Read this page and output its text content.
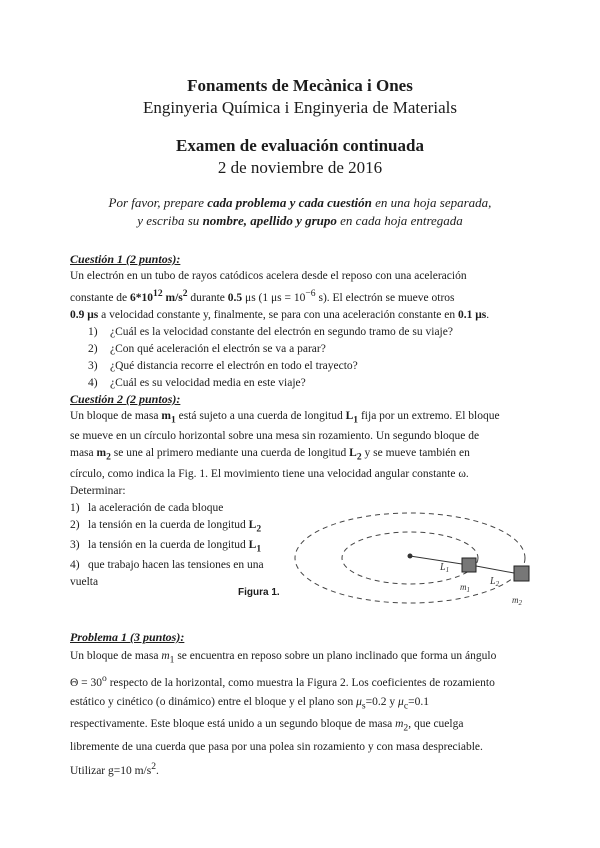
Fonaments de Mecànica i Ones
Enginyeria Química i Enginyeria de Materials
Examen de evaluación continuada
2 de noviembre de 2016
Por favor, prepare cada problema y cada cuestión en una hoja separada,
y escriba su nombre, apellido y grupo en cada hoja entregada
Cuestión 1 (2 puntos):
Un electrón en un tubo de rayos catódicos acelera desde el reposo con una aceleración
constante de $6*10^{12}$ $m/s^2$ durante 0.5 μs (1 $\mu s = 10^{-6}$ s). El electrón se mueve otros
0.9 μs a velocidad constante y, finalmente, se para con una aceleración constante en 0.1 μs.
1)	¿Cuál es la velocidad constante del electrón en segundo tramo de su viaje?
2)	¿Con qué aceleración el electrón se va a parar?
3)	¿Qué distancia recorre el electrón en todo el trayecto?
4)	¿Cuál es su velocidad media en este viaje?
Cuestión 2 (2 puntos):
Un bloque de masa $m_1$ está sujeto a una cuerda de longitud $L_1$ fija por un extremo. El bloque
se mueve en un círculo horizontal sobre una mesa sin rozamiento. Un segundo bloque de
masa $m_2$ se une al primero mediante una cuerda de longitud $L_2$ y se mueve también en
círculo, como indica la Fig. 1. El movimiento tiene una velocidad angular constante ω.
Determinar:
1) la aceleración de cada bloque
2) la tensión en la cuerda de longitud $L_2$
3) la tensión en la cuerda de longitud $L_1$
4) que trabajo hacen las tensiones en una
vuelta
$L_1$
$L_2$
$m_1$
$m_2$
Figura 1.
Problema 1 (3 puntos):
Un bloque de masa $m_1$ se encuentra en reposo sobre un plano inclinado que forma un ángulo
$\Theta = 30^o$ respecto de la horizontal, como muestra la Figura 2. Los coeficientes de rozamiento
estático y cinético (o dinámico) entre el bloque y el plano son $\mu_s=0.2$ y $\mu_c=0.1$
respectivamente. Este bloque está unido a un segundo bloque de masa $m_2$, que cuelga
libremente de una cuerda que pasa por una polea sin rozamiento y con masa despreciable.
Utilizar g=10 $m/s^2$.
